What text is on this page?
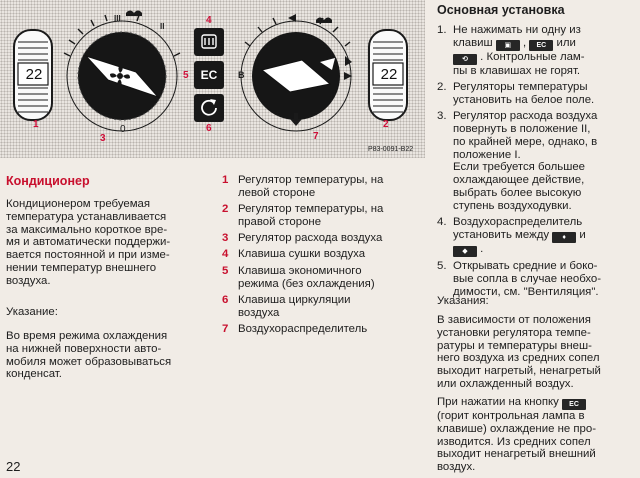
P83-0091-B22
1	2
3
4
5
6
7
22	22
EC
III
II
0
B
Кондиционер
Кондиционером требуемая
температура устанавливается
за максимально короткое вре-
мя и автоматически поддержи-
вается постоянной и при изме-
нении температур внешнего
воздуха.
Указание:
Во время режима охлаждения
на нижней поверхности авто-
мобиля может образовываться
конденсат.
1 Регулятор температуры, на
левой стороне
2 Регулятор температуры, на
правой стороне
3 Регулятор расхода воздуха
4 Клавиша сушки воздуха
5 Клавиша экономичного
режима (без охлаждения)
6 Клавиша циркуляции
воздуха
7 Воздухораспределитель
Основная установка
1. Не нажимать ни одну из
клавиш ▣ , EC или
⟲ . Контрольные лам-
пы в клавишах не горят.
2. Регуляторы температуры
установить на белое поле.
3. Регулятор расхода воздуха
повернуть в положение II,
по крайней мере, однако, в
положение I.
Если требуется большее
охлаждающее действие,
выбрать более высокую
ступень воздуходувки.
4. Воздухораспределитель
установить между ♦ и
◆ .
5. Открывать средние и боко-
вые сопла в случае необхо-
димости, см. "Вентиляция".
Указания:
В зависимости от положения
установки регулятора темпе-
ратуры и температуры внеш-
него воздуха из средних сопел
выходит нагретый, ненагретый
или охлажденный воздух.
При нажатии на кнопку EC
(горит контрольная лампа в
клавише) охлаждение не про-
изводится. Из средних сопел
выходит ненагретый внешний
воздух.
22
